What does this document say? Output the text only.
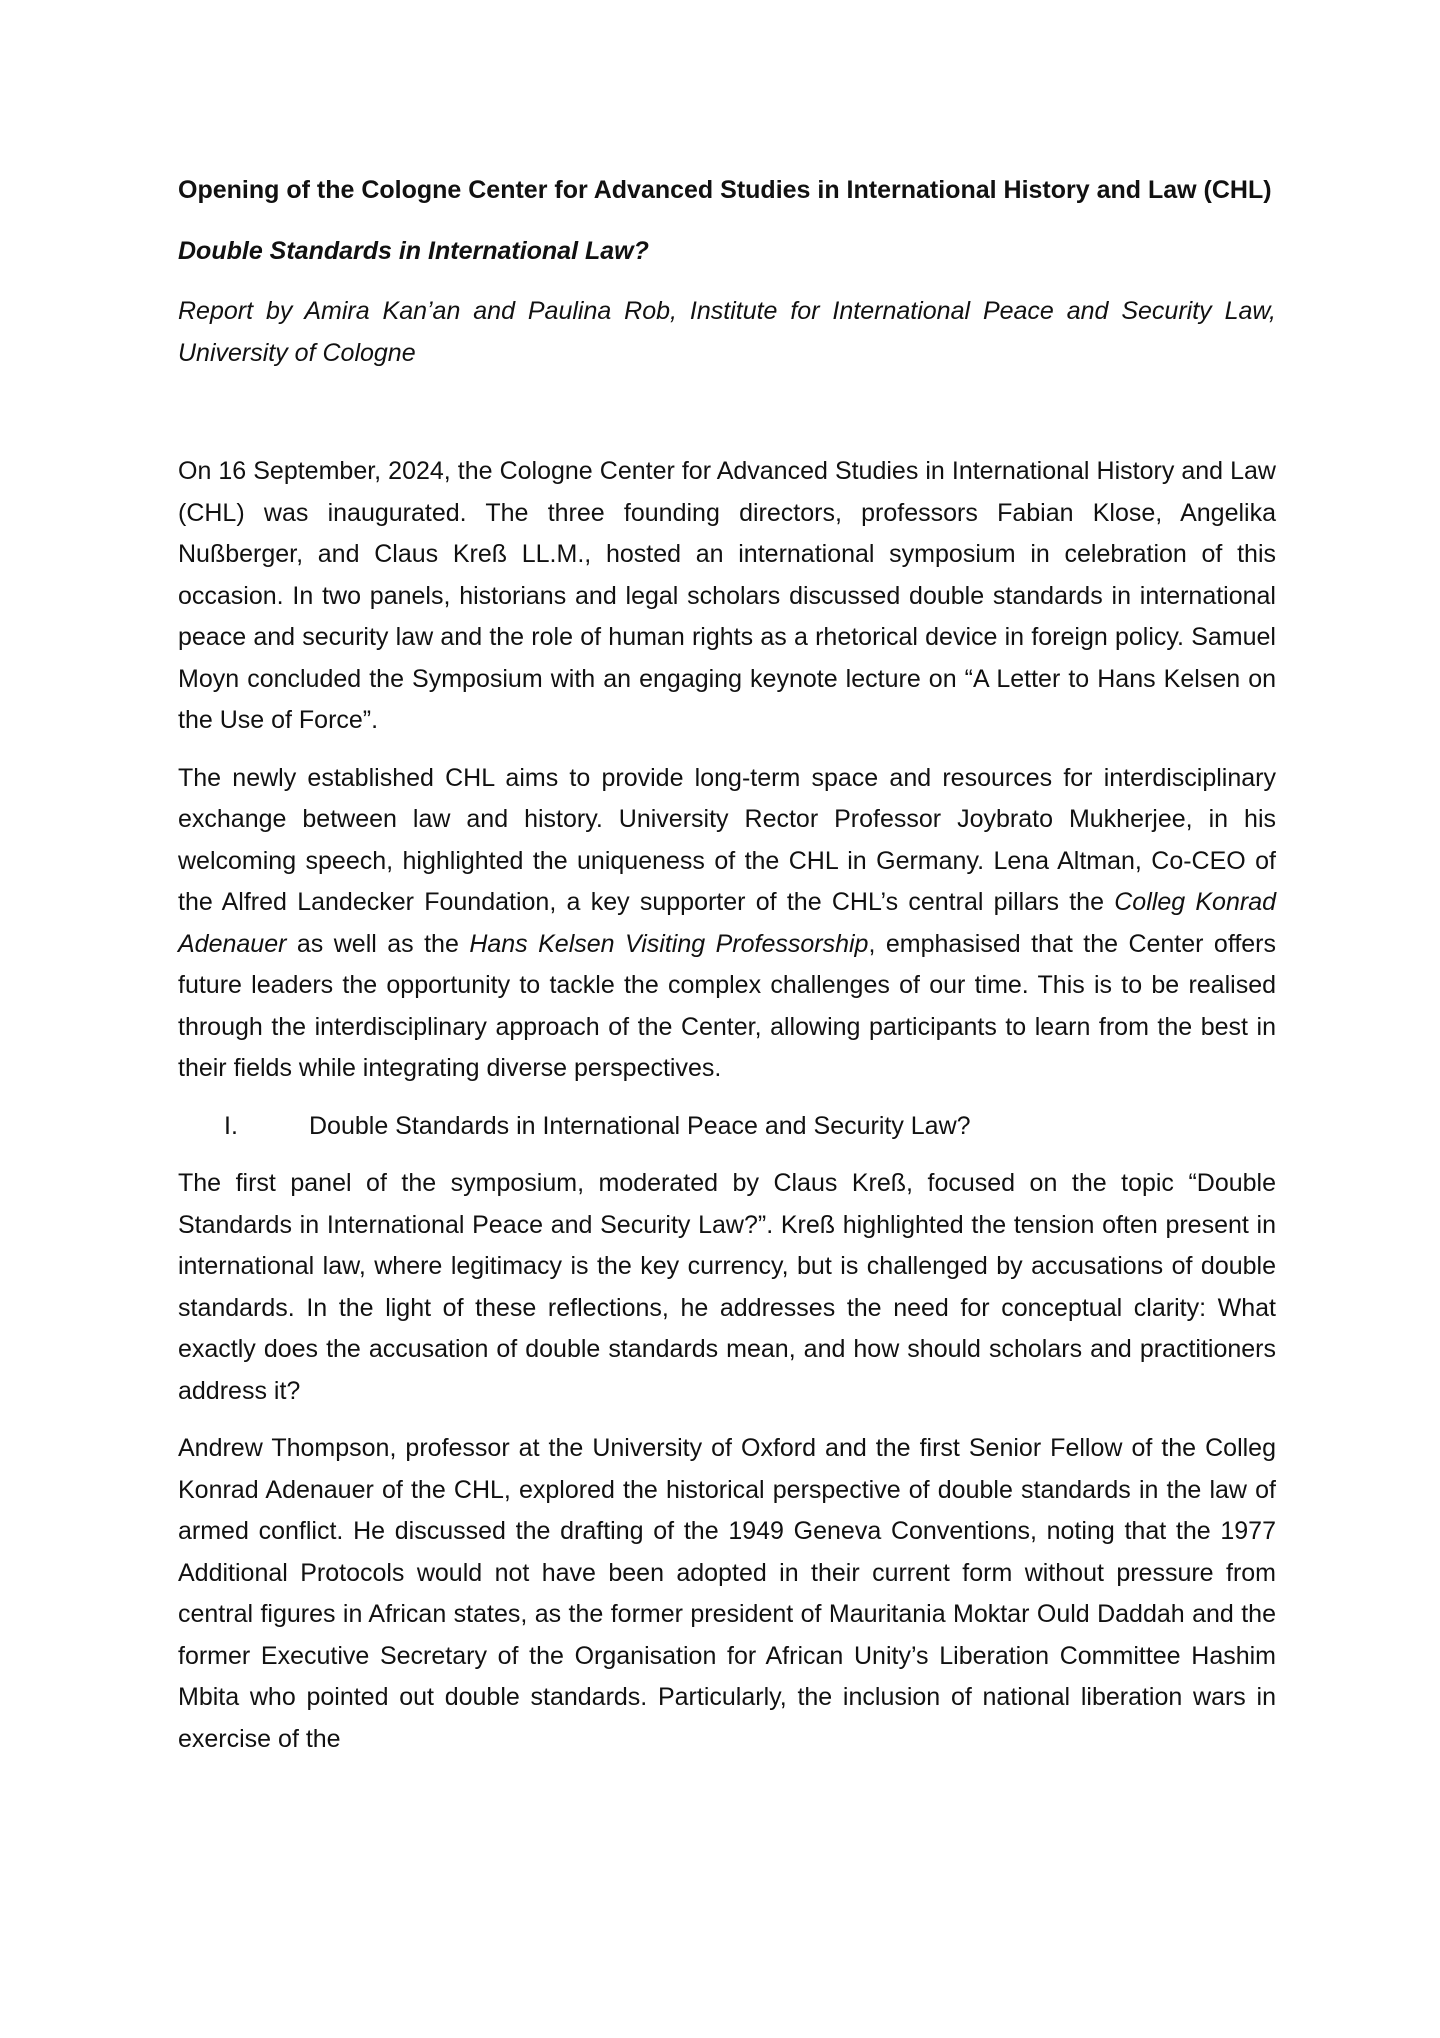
Opening of the Cologne Center for Advanced Studies in International History and Law (CHL)
Double Standards in International Law?
Report by Amira Kan’an and Paulina Rob, Institute for International Peace and Security Law, University of Cologne

On 16 September, 2024, the Cologne Center for Advanced Studies in International History and Law (CHL) was inaugurated. The three founding directors, professors Fabian Klose, Angelika Nußberger, and Claus Kreß LL.M., hosted an international symposium in celebration of this occasion. In two panels, historians and legal scholars discussed double standards in international peace and security law and the role of human rights as a rhetorical device in foreign policy. Samuel Moyn concluded the Symposium with an engaging keynote lecture on “A Letter to Hans Kelsen on the Use of Force”.

The newly established CHL aims to provide long-term space and resources for interdisciplinary exchange between law and history. University Rector Professor Joybrato Mukherjee, in his welcoming speech, highlighted the uniqueness of the CHL in Germany. Lena Altman, Co-CEO of the Alfred Landecker Foundation, a key supporter of the CHL’s central pillars the Colleg Konrad Adenauer as well as the Hans Kelsen Visiting Professorship, emphasised that the Center offers future leaders the opportunity to tackle the complex challenges of our time. This is to be realised through the interdisciplinary approach of the Center, allowing participants to learn from the best in their fields while integrating diverse perspectives.

I.	Double Standards in International Peace and Security Law?

The first panel of the symposium, moderated by Claus Kreß, focused on the topic “Double Standards in International Peace and Security Law?”. Kreß highlighted the tension often present in international law, where legitimacy is the key currency, but is challenged by accusations of double standards. In the light of these reflections, he addresses the need for conceptual clarity: What exactly does the accusation of double standards mean, and how should scholars and practitioners address it?

Andrew Thompson, professor at the University of Oxford and the first Senior Fellow of the Colleg Konrad Adenauer of the CHL, explored the historical perspective of double standards in the law of armed conflict. He discussed the drafting of the 1949 Geneva Conventions, noting that the 1977 Additional Protocols would not have been adopted in their current form without pressure from central figures in African states, as the former president of Mauritania Moktar Ould Daddah and the former Executive Secretary of the Organisation for African Unity’s Liberation Committee Hashim Mbita who pointed out double standards. Particularly, the inclusion of national liberation wars in exercise of the
